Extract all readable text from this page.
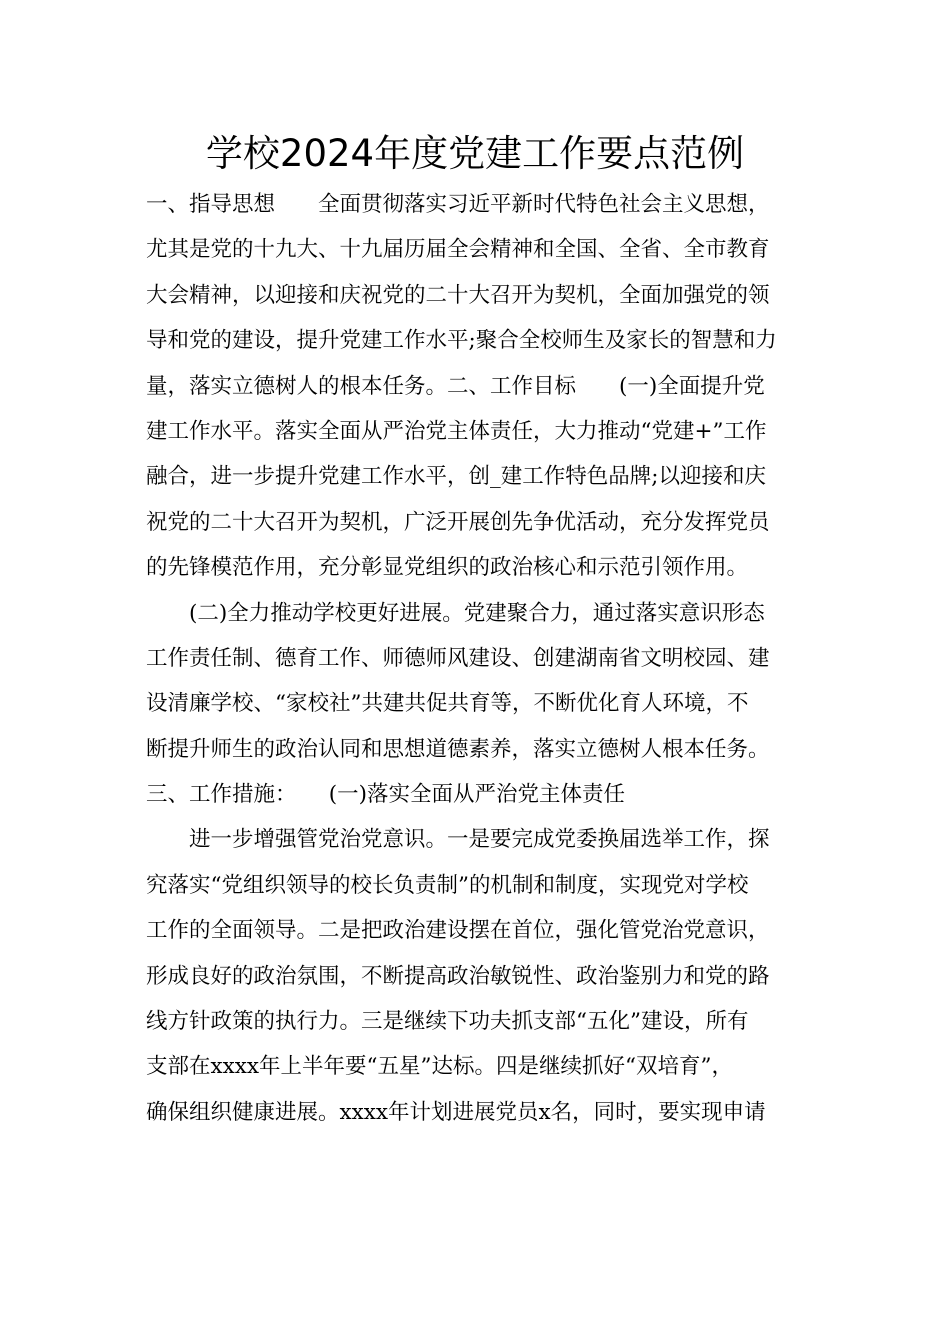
学校2024年度党建工作要点范例
一、指导思想　　全面贯彻落实习近平新时代特色社会主义思想，
尤其是党的十九大、十九届历届全会精神和全国、全省、全市教育
大会精神，以迎接和庆祝党的二十大召开为契机，全面加强党的领
导和党的建设，提升党建工作水平;聚合全校师生及家长的智慧和力
量，落实立德树人的根本任务。二、工作目标　　(一)全面提升党
建工作水平。落实全面从严治党主体责任，大力推动“党建+”工作
融合，进一步提升党建工作水平，创_建工作特色品牌;以迎接和庆
祝党的二十大召开为契机，广泛开展创先争优活动，充分发挥党员
的先锋模范作用，充分彰显党组织的政治核心和示范引领作用。
(二)全力推动学校更好进展。党建聚合力，通过落实意识形态
工作责任制、德育工作、师德师风建设、创建湖南省文明校园、建
设清廉学校、“家校社”共建共促共育等，不断优化育人环境，不
断提升师生的政治认同和思想道德素养，落实立德树人根本任务。
三、工作措施：　　(一)落实全面从严治党主体责任
进一步增强管党治党意识。一是要完成党委换届选举工作，探
究落实“党组织领导的校长负责制”的机制和制度，实现党对学校
工作的全面领导。二是把政治建设摆在首位，强化管党治党意识，
形成良好的政治氛围，不断提高政治敏锐性、政治鉴别力和党的路
线方针政策的执行力。三是继续下功夫抓支部“五化”建设，所有
支部在xxxx年上半年要“五星”达标。四是继续抓好“双培育”，
确保组织健康进展。xxxx年计划进展党员x名，同时，要实现申请
